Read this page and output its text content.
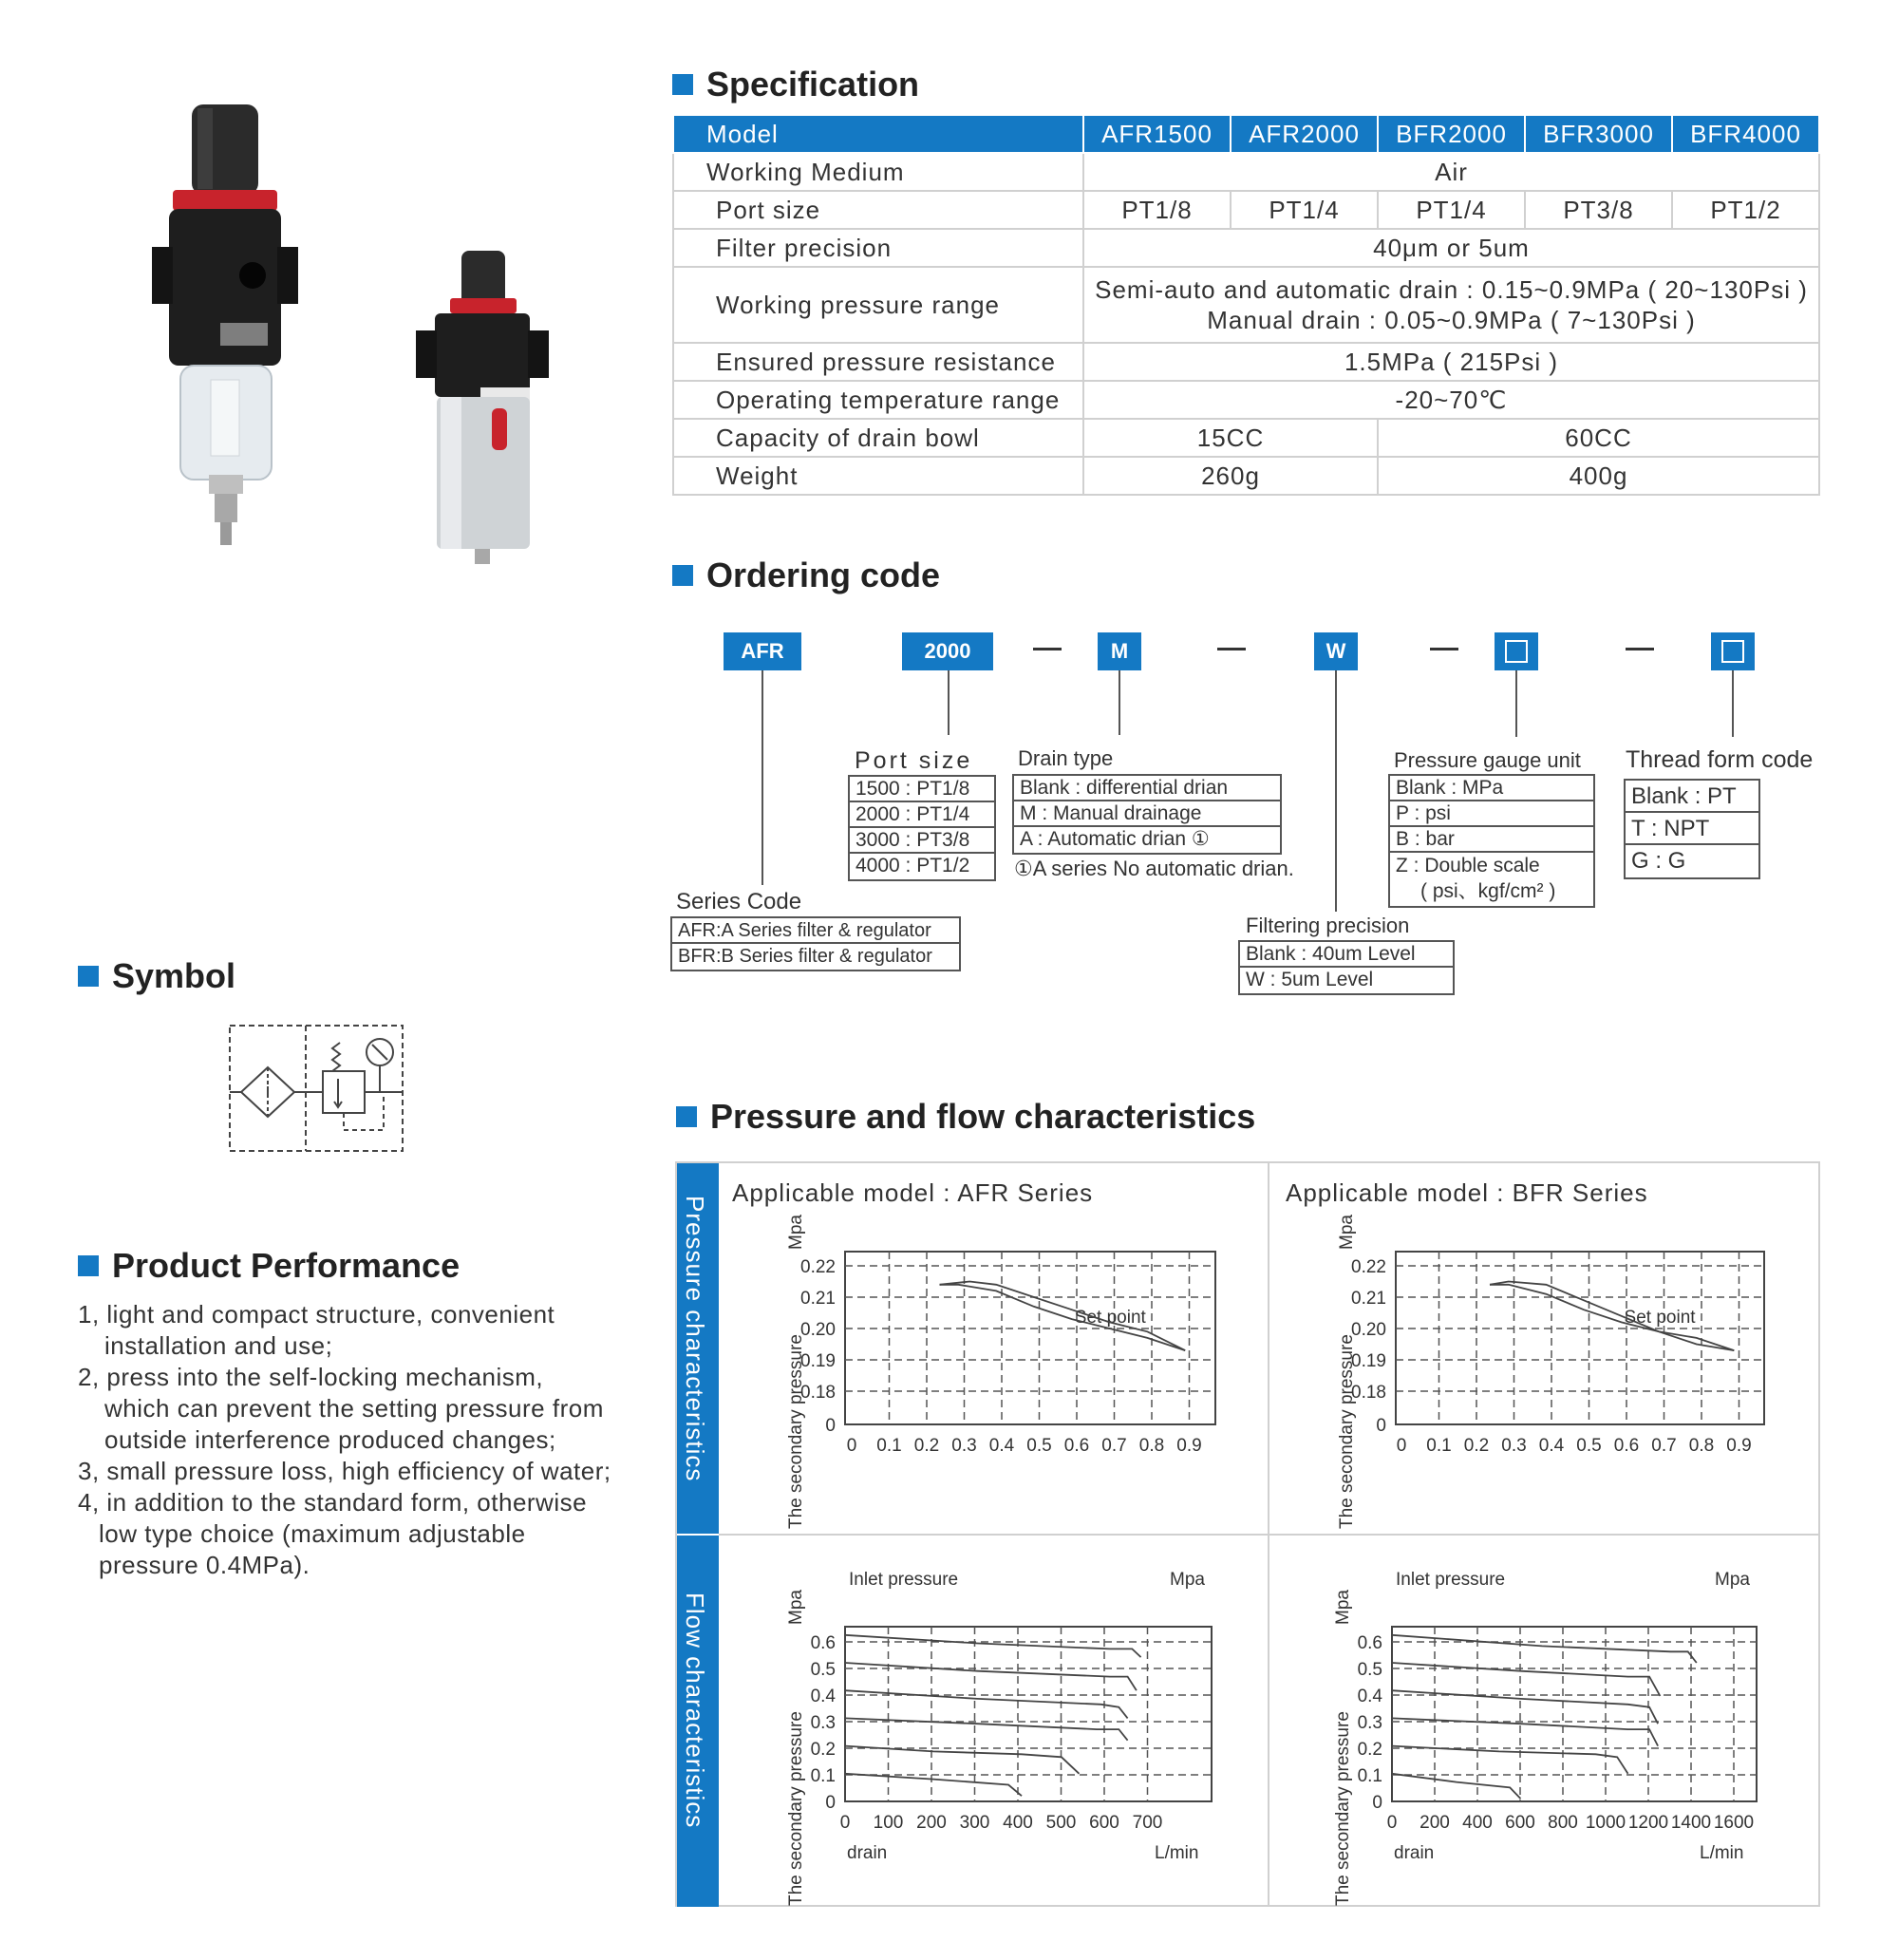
Specification
Model	AFR1500	AFR2000	BFR2000	BFR3000	BFR4000
Working Medium	Air				
Port size	PT1/8	PT1/4	PT1/4	PT3/8	PT1/2
Filter precision	40μm or 5um				
Working pressure range	Semi-auto and automatic drain : 0.15~0.9MPa ( 20~130Psi )
Manual drain : 0.05~0.9MPa ( 7~130Psi )				

Ensured pressure resistance	1.5MPa ( 215Psi )				
Operating temperature range	-20~70℃				
Capacity of drain bowl	15CC		60CC		
Weight	260g		400g		
Ordering code
AFR	2000	M	W
Port size
1500 : PT1/8
2000 : PT1/4
3000 : PT3/8
4000 : PT1/2
Drain type
Blank : differential drian
M : Manual drainage
A : Automatic drian ①
①A series No automatic drian.
Series Code
AFR:A Series filter & regulator
BFR:B Series filter & regulator
Filtering precision
Blank : 40um Level
W : 5um Level
Pressure gauge unit
Blank : MPa
P : psi
B : bar
Z : Double scale
( psi、kgf/cm² )
Thread form code
Blank : PT
T : NPT
G : G
Symbol
Product Performance
1, light and compact structure, convenient
installation and use;
2, press into the self-locking mechanism,
which can prevent the setting pressure from
outside interference produced changes;
3, small pressure loss, high efficiency of water;
4, in addition to the standard form, otherwise
low type choice (maximum adjustable
pressure 0.4MPa).
Pressure and flow characteristics
Pressure characteristics
Flow characteristics
Applicable model : AFR Series	Applicable model : BFR Series
0
0.18
0.19
0.20
0.21
0.22
0 0.1 0.2 0.3 0.4 0.5 0.6 0.7 0.8 0.9
Mpa
The secondary pressure
Set point
0
0.18
0.19
0.20
0.21
0.22
0 0.1 0.2 0.3 0.4 0.5 0.6 0.7 0.8 0.9
Mpa
The secondary pressure
Set point
0
0.1
0.2
0.3
0.4
0.5
0.6
0 100 200 300 400 500 600 700
Mpa
The secondary pressure
Inlet pressure	Mpa
drain	L/min
0
0.1
0.2
0.3
0.4
0.5
0.6
0 200 400 600 800 1000 1200 1400 1600
Mpa
The secondary pressure
Inlet pressure	Mpa
drain	L/min
